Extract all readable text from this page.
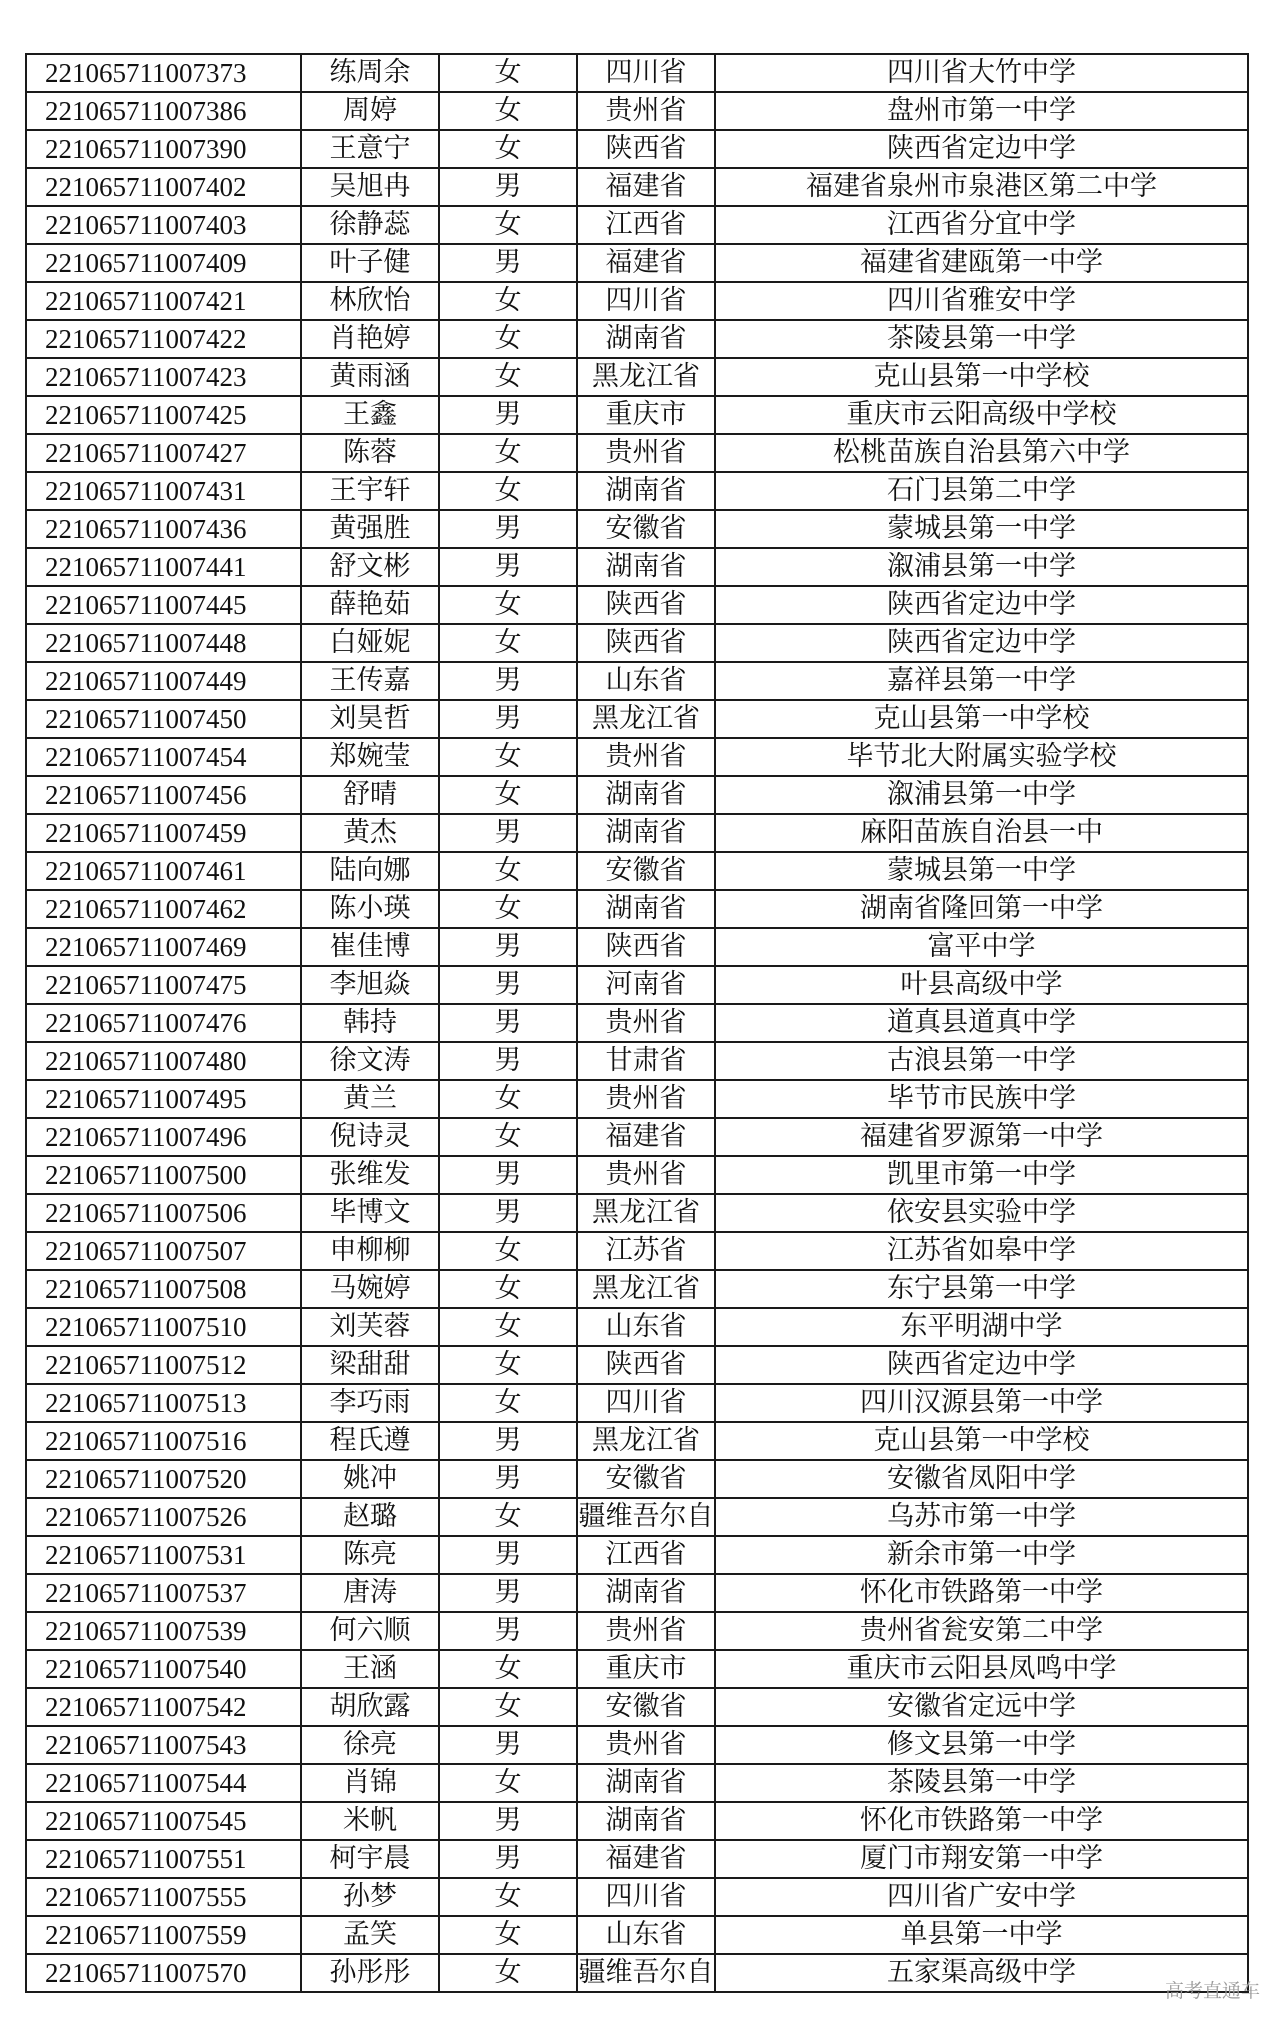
221065711007373	练周余	女	四川省	四川省大竹中学
221065711007386	周婷	女	贵州省	盘州市第一中学
221065711007390	王意宁	女	陕西省	陕西省定边中学
221065711007402	吴旭冉	男	福建省	福建省泉州市泉港区第二中学
221065711007403	徐静蕊	女	江西省	江西省分宜中学
221065711007409	叶子健	男	福建省	福建省建瓯第一中学
221065711007421	林欣怡	女	四川省	四川省雅安中学
221065711007422	肖艳婷	女	湖南省	茶陵县第一中学
221065711007423	黄雨涵	女	黑龙江省	克山县第一中学校
221065711007425	王鑫	男	重庆市	重庆市云阳高级中学校
221065711007427	陈蓉	女	贵州省	松桃苗族自治县第六中学
221065711007431	王宇轩	女	湖南省	石门县第二中学
221065711007436	黄强胜	男	安徽省	蒙城县第一中学
221065711007441	舒文彬	男	湖南省	溆浦县第一中学
221065711007445	薛艳茹	女	陕西省	陕西省定边中学
221065711007448	白娅妮	女	陕西省	陕西省定边中学
221065711007449	王传嘉	男	山东省	嘉祥县第一中学
221065711007450	刘昊哲	男	黑龙江省	克山县第一中学校
221065711007454	郑婉莹	女	贵州省	毕节北大附属实验学校
221065711007456	舒晴	女	湖南省	溆浦县第一中学
221065711007459	黄杰	男	湖南省	麻阳苗族自治县一中
221065711007461	陆向娜	女	安徽省	蒙城县第一中学
221065711007462	陈小瑛	女	湖南省	湖南省隆回第一中学
221065711007469	崔佳博	男	陕西省	富平中学
221065711007475	李旭焱	男	河南省	叶县高级中学
221065711007476	韩持	男	贵州省	道真县道真中学
221065711007480	徐文涛	男	甘肃省	古浪县第一中学
221065711007495	黄兰	女	贵州省	毕节市民族中学
221065711007496	倪诗灵	女	福建省	福建省罗源第一中学
221065711007500	张维发	男	贵州省	凯里市第一中学
221065711007506	毕博文	男	黑龙江省	依安县实验中学
221065711007507	申柳柳	女	江苏省	江苏省如皋中学
221065711007508	马婉婷	女	黑龙江省	东宁县第一中学
221065711007510	刘芙蓉	女	山东省	东平明湖中学
221065711007512	梁甜甜	女	陕西省	陕西省定边中学
221065711007513	李巧雨	女	四川省	四川汉源县第一中学
221065711007516	程氏遵	男	黑龙江省	克山县第一中学校
221065711007520	姚冲	男	安徽省	安徽省凤阳中学
221065711007526	赵璐	女	疆维吾尔自	乌苏市第一中学
221065711007531	陈亮	男	江西省	新余市第一中学
221065711007537	唐涛	男	湖南省	怀化市铁路第一中学
221065711007539	何六顺	男	贵州省	贵州省瓮安第二中学
221065711007540	王涵	女	重庆市	重庆市云阳县凤鸣中学
221065711007542	胡欣露	女	安徽省	安徽省定远中学
221065711007543	徐亮	男	贵州省	修文县第一中学
221065711007544	肖锦	女	湖南省	茶陵县第一中学
221065711007545	米帆	男	湖南省	怀化市铁路第一中学
221065711007551	柯宇晨	男	福建省	厦门市翔安第一中学
221065711007555	孙梦	女	四川省	四川省广安中学
221065711007559	孟笑	女	山东省	单县第一中学
221065711007570	孙彤彤	女	疆维吾尔自	五家渠高级中学
高考直通车
